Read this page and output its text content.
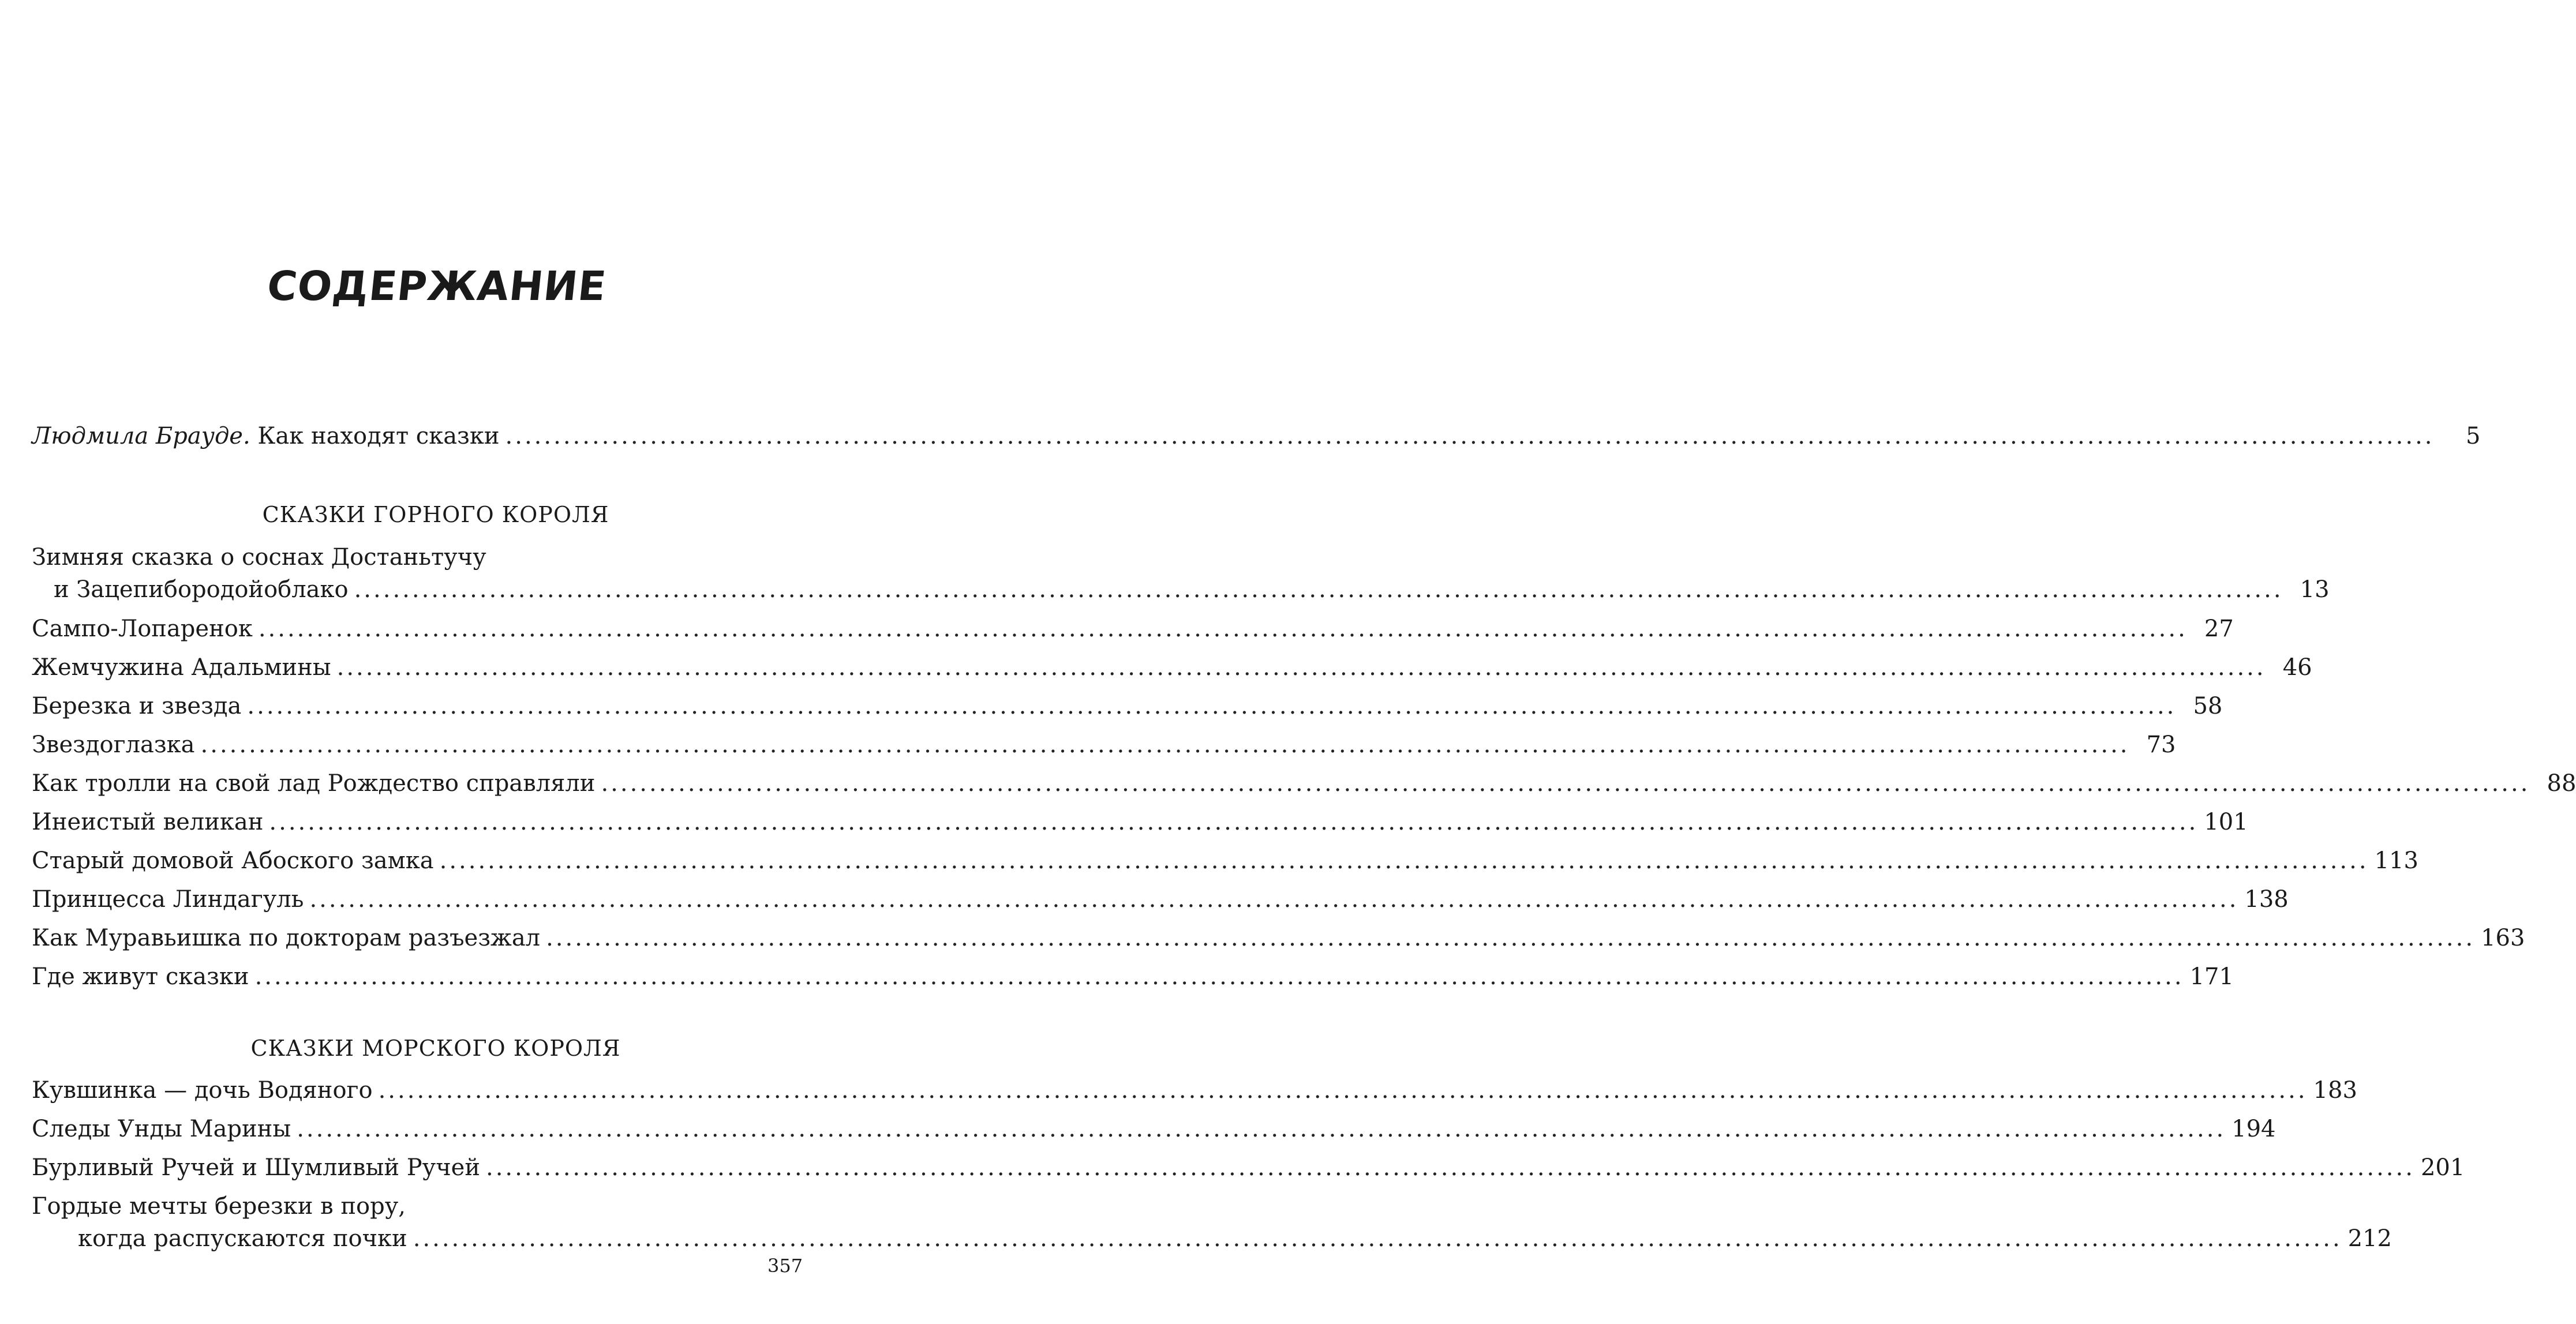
СОДЕРЖАНИЕ
Людмила Брауде. Как находят сказки ........................................................................................................................................................................................................	5
СКАЗКИ ГОРНОГО КОРОЛЯ
Зимняя сказка о соснах Достаньтучу
и Зацепибородойоблако ........................................................................................................................................................................................................ 13
Сампо-Лопаренок ........................................................................................................................................................................................................ 27
Жемчужина Адальмины ........................................................................................................................................................................................................ 46
Березка и звезда ........................................................................................................................................................................................................ 58
Звездоглазка ........................................................................................................................................................................................................ 73
Как тролли на свой лад Рождество справляли ........................................................................................................................................................................................................ 88
Инеистый великан ........................................................................................................................................................................................................ 101
Старый домовой Абоского замка ........................................................................................................................................................................................................ 113
Принцесса Линдагуль ........................................................................................................................................................................................................ 138
Как Муравьишка по докторам разъезжал ........................................................................................................................................................................................................ 163
Где живут сказки ........................................................................................................................................................................................................ 171
СКАЗКИ МОРСКОГО КОРОЛЯ
Кувшинка — дочь Водяного ........................................................................................................................................................................................................ 183
Следы Унды Марины ........................................................................................................................................................................................................ 194
Бурливый Ручей и Шумливый Ручей ........................................................................................................................................................................................................ 201
Гордые мечты березки в пору,
когда распускаются почки ........................................................................................................................................................................................................ 212
357
